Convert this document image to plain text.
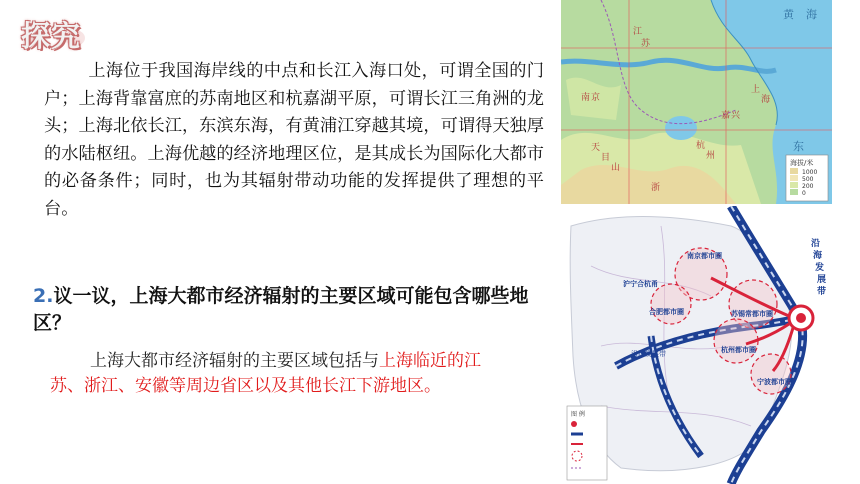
探究

上海位于我国海岸线的中点和长江入海口处，可谓全国的门户；上海背靠富庶的苏南地区和杭嘉湖平原，可谓长江三角洲的龙头；上海北依长江，东滨东海，有黄浦江穿越其境，可谓得天独厚的水陆枢纽。上海优越的经济地理区位，是其成长为国际化大都市的必备条件；同时，也为其辐射带动功能的发挥提供了理想的平台。

2.议一议，上海大都市经济辐射的主要区域可能包含哪些地区？
上海大都市经济辐射的主要区域包括与上海临近的江苏、浙江、安徽等周边省区以及其他长江下游地区。
黄 海
东
江
苏
上
海
杭
州
浙
天
目
山
嘉 兴
南 京
海拔/米
1000
500
200
0
南京都市圈
沪宁合杭甬
合肥都市圈	苏锡常都市圈
杭州都市圈
宁波都市圈
沿
海
发
展
带
沿江发展带
图 例
